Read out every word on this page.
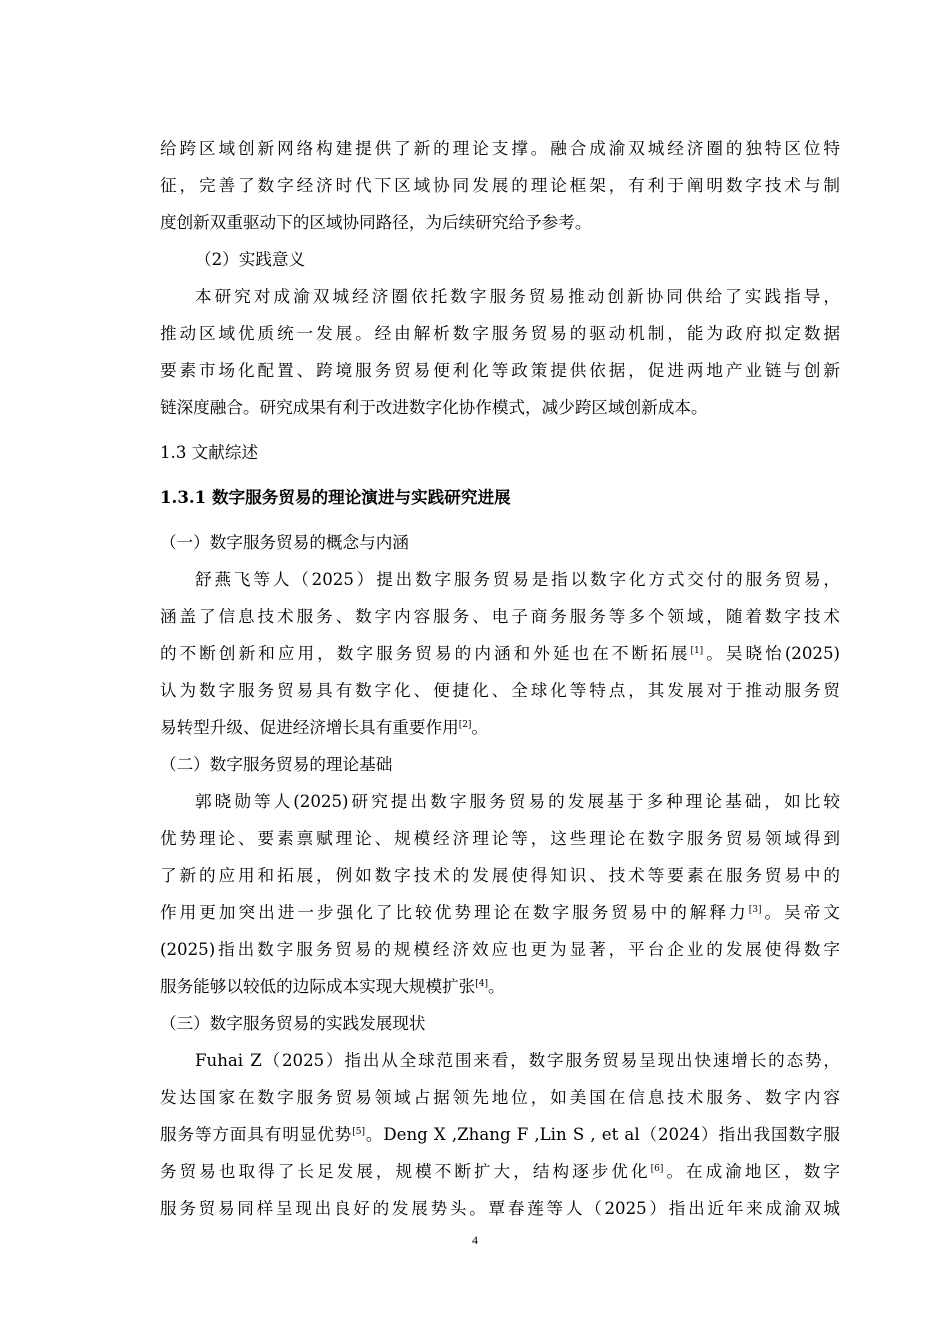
给跨区域创新网络构建提供了新的理论支撑。融合成渝双城经济圈的独特区位特
征，完善了数字经济时代下区域协同发展的理论框架，有利于阐明数字技术与制
度创新双重驱动下的区域协同路径，为后续研究给予参考。
（2）实践意义
本研究对成渝双城经济圈依托数字服务贸易推动创新协同供给了实践指导，
推动区域优质统一发展。经由解析数字服务贸易的驱动机制，能为政府拟定数据
要素市场化配置、跨境服务贸易便利化等政策提供依据，促进两地产业链与创新
链深度融合。研究成果有利于改进数字化协作模式，减少跨区域创新成本。
1.3 文献综述
1.3.1 数字服务贸易的理论演进与实践研究进展
（一）数字服务贸易的概念与内涵
舒燕飞等人（2025）提出数字服务贸易是指以数字化方式交付的服务贸易，
涵盖了信息技术服务、数字内容服务、电子商务服务等多个领域，随着数字技术
的不断创新和应用，数字服务贸易的内涵和外延也在不断拓展[1]。吴晓怡(2025)
认为数字服务贸易具有数字化、便捷化、全球化等特点，其发展对于推动服务贸
易转型升级、促进经济增长具有重要作用[2]。
（二）数字服务贸易的理论基础
郭晓勋等人(2025)研究提出数字服务贸易的发展基于多种理论基础，如比较
优势理论、要素禀赋理论、规模经济理论等，这些理论在数字服务贸易领域得到
了新的应用和拓展，例如数字技术的发展使得知识、技术等要素在服务贸易中的
作用更加突出进一步强化了比较优势理论在数字服务贸易中的解释力[3]。吴帝文
(2025)指出数字服务贸易的规模经济效应也更为显著，平台企业的发展使得数字
服务能够以较低的边际成本实现大规模扩张[4]。
（三）数字服务贸易的实践发展现状
Fuhai Z（2025）指出从全球范围来看，数字服务贸易呈现出快速增长的态势，
发达国家在数字服务贸易领域占据领先地位，如美国在信息技术服务、数字内容
服务等方面具有明显优势[5]。Deng X ,Zhang F ,Lin S , et al（2024）指出我国数字服
务贸易也取得了长足发展，规模不断扩大，结构逐步优化[6]。在成渝地区，数字
服务贸易同样呈现出良好的发展势头。覃春莲等人（2025）指出近年来成渝双城
4
